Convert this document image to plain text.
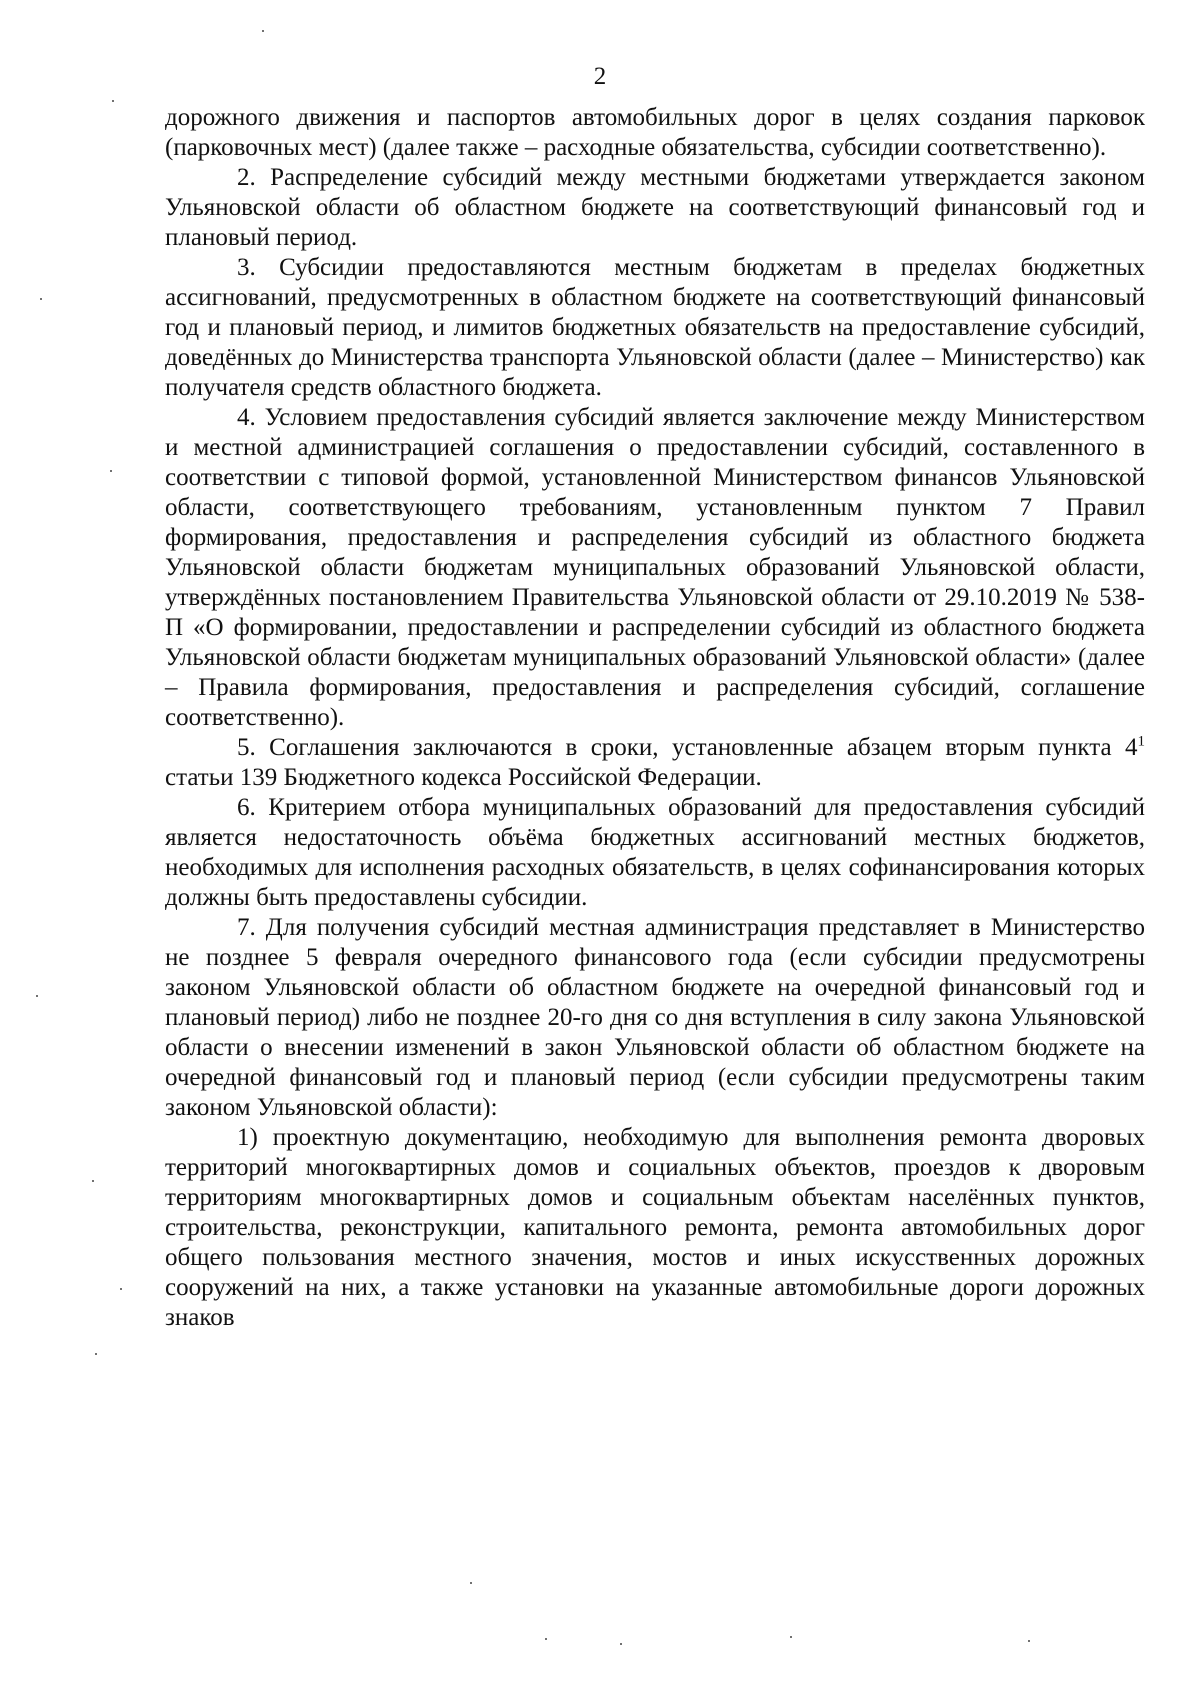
2

дорожного движения и паспортов автомобильных дорог в целях создания парковок (парковочных мест) (далее также – расходные обязательства, субсидии соответственно).

2. Распределение субсидий между местными бюджетами утверждается законом Ульяновской области об областном бюджете на соответствующий финансовый год и плановый период.

3. Субсидии предоставляются местным бюджетам в пределах бюджетных ассигнований, предусмотренных в областном бюджете на соответствующий финансовый год и плановый период, и лимитов бюджетных обязательств на предоставление субсидий, доведённых до Министерства транспорта Ульяновской области (далее – Министерство) как получателя средств областного бюджета.

4. Условием предоставления субсидий является заключение между Министерством и местной администрацией соглашения о предоставлении субсидий, составленного в соответствии с типовой формой, установленной Министерством финансов Ульяновской области, соответствующего требованиям, установленным пунктом 7 Правил формирования, предоставления и распределения субсидий из областного бюджета Ульяновской области бюджетам муниципальных образований Ульяновской области, утверждённых постановлением Правительства Ульяновской области от 29.10.2019 № 538-П «О формировании, предоставлении и распределении субсидий из областного бюджета Ульяновской области бюджетам муниципальных образований Ульяновской области» (далее – Правила формирования, предоставления и распределения субсидий, соглашение соответственно).

5. Соглашения заключаются в сроки, установленные абзацем вторым пункта $4^1$ статьи 139 Бюджетного кодекса Российской Федерации.

6. Критерием отбора муниципальных образований для предоставления субсидий является недостаточность объёма бюджетных ассигнований местных бюджетов, необходимых для исполнения расходных обязательств, в целях софинансирования которых должны быть предоставлены субсидии.

7. Для получения субсидий местная администрация представляет в Министерство не позднее 5 февраля очередного финансового года (если субсидии предусмотрены законом Ульяновской области об областном бюджете на очередной финансовый год и плановый период) либо не позднее 20-го дня со дня вступления в силу закона Ульяновской области о внесении изменений в закон Ульяновской области об областном бюджете на очередной финансовый год и плановый период (если субсидии предусмотрены таким законом Ульяновской области):

1) проектную документацию, необходимую для выполнения ремонта дворовых территорий многоквартирных домов и социальных объектов, проездов к дворовым территориям многоквартирных домов и социальным объектам населённых пунктов, строительства, реконструкции, капитального ремонта, ремонта автомобильных дорог общего пользования местного значения, мостов и иных искусственных дорожных сооружений на них, а также установки на указанные автомобильные дороги дорожных знаков
